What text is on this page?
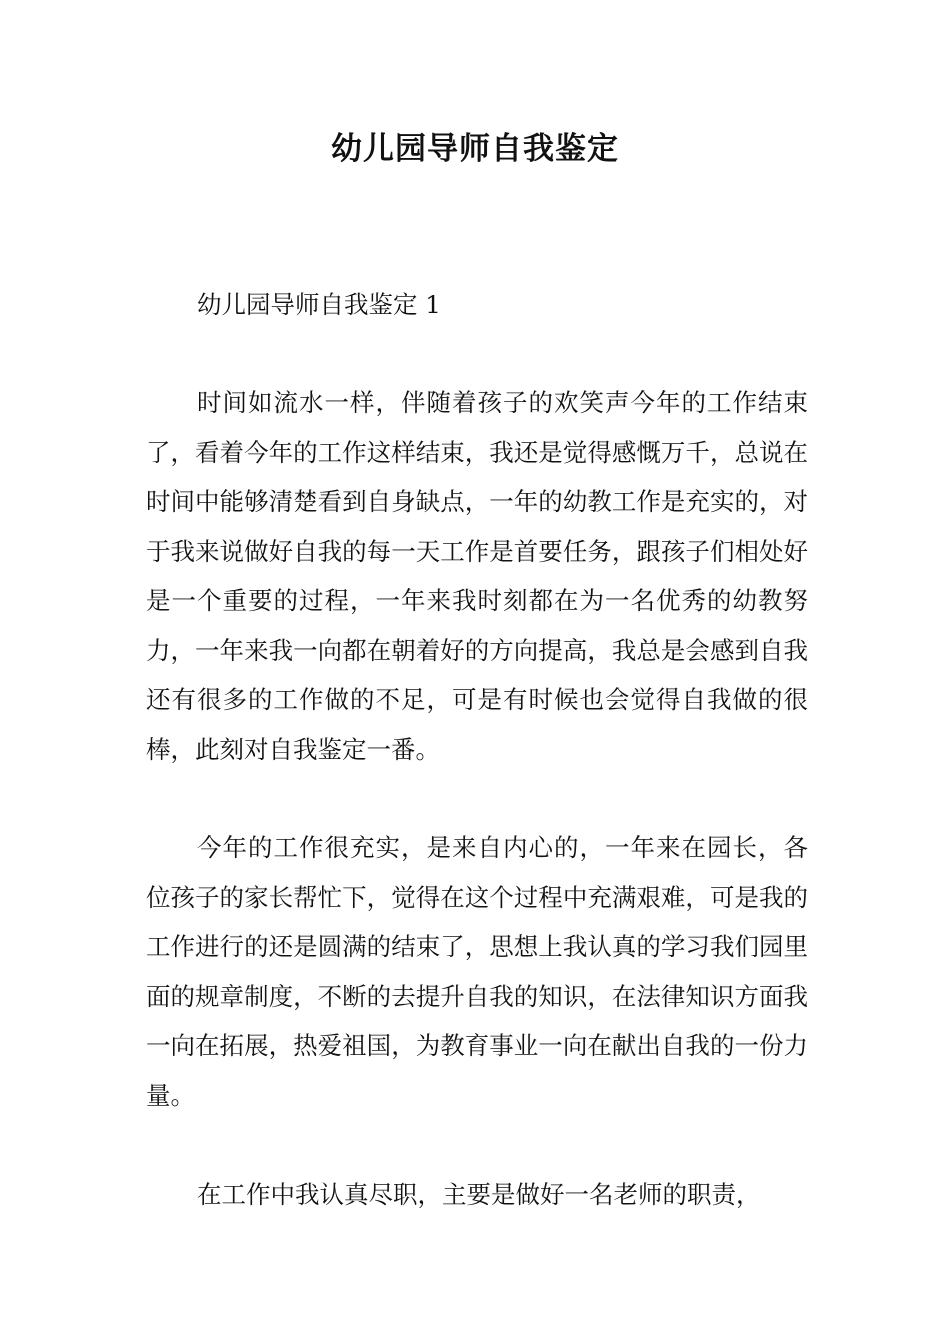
幼儿园导师自我鉴定

幼儿园导师自我鉴定 1

时间如流水一样，伴随着孩子的欢笑声今年的工作结束了，看着今年的工作这样结束，我还是觉得感慨万千，总说在时间中能够清楚看到自身缺点，一年的幼教工作是充实的，对于我来说做好自我的每一天工作是首要任务，跟孩子们相处好是一个重要的过程，一年来我时刻都在为一名优秀的幼教努力，一年来我一向都在朝着好的方向提高，我总是会感到自我还有很多的工作做的不足，可是有时候也会觉得自我做的很棒，此刻对自我鉴定一番。

今年的工作很充实，是来自内心的，一年来在园长，各位孩子的家长帮忙下，觉得在这个过程中充满艰难，可是我的工作进行的还是圆满的结束了，思想上我认真的学习我们园里面的规章制度，不断的去提升自我的知识，在法律知识方面我一向在拓展，热爱祖国，为教育事业一向在献出自我的一份力量。

在工作中我认真尽职，主要是做好一名老师的职责，
